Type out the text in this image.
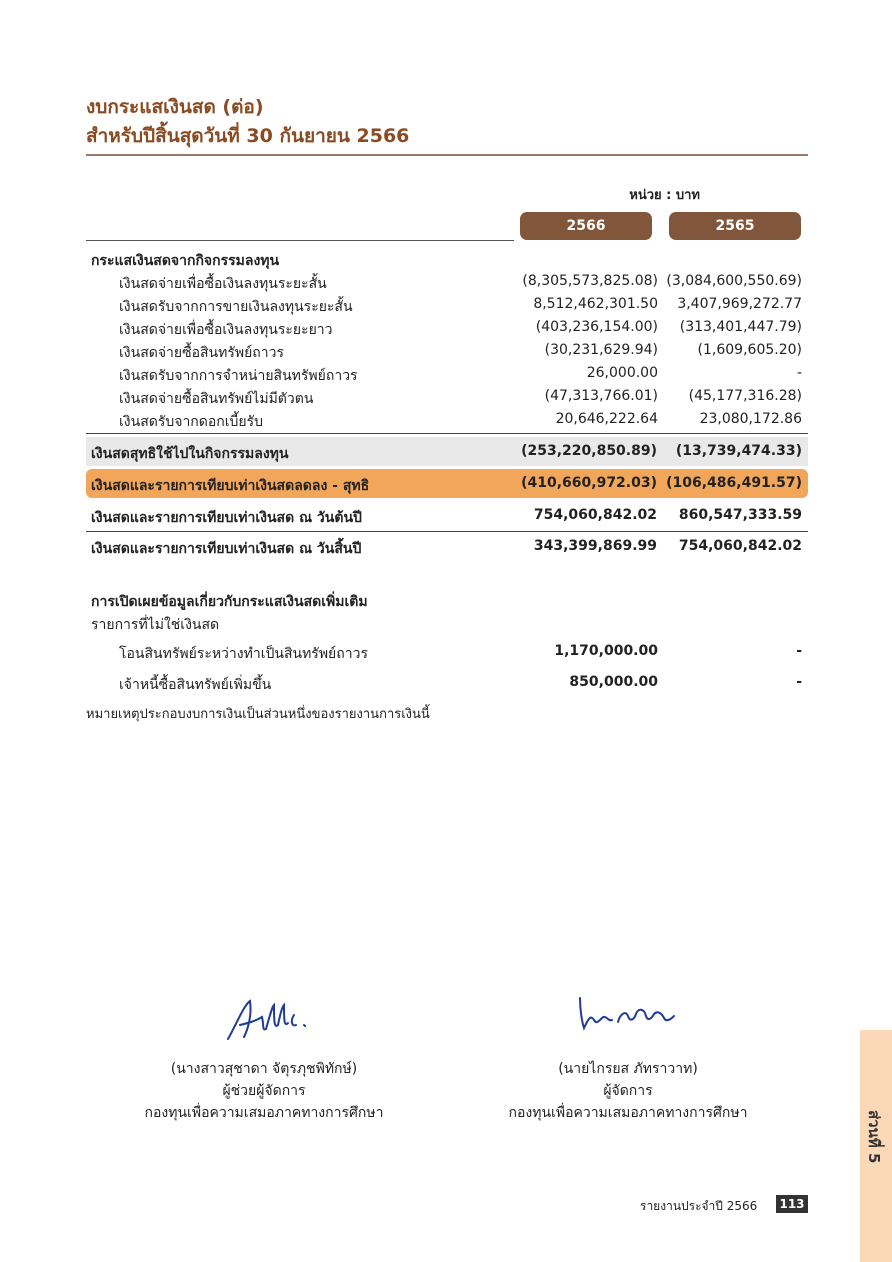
งบกระแสเงินสด (ต่อ)
สำหรับปีสิ้นสุดวันที่ 30 กันยายน 2566
หน่วย : บาท
2566	2565
กระแสเงินสดจากกิจกรรมลงทุน
เงินสดจ่ายเพื่อซื้อเงินลงทุนระยะสั้น	(8,305,573,825.08) (3,084,600,550.69)
เงินสดรับจากการขายเงินลงทุนระยะสั้น	8,512,462,301.50 3,407,969,272.77
เงินสดจ่ายเพื่อซื้อเงินลงทุนระยะยาว	(403,236,154.00) (313,401,447.79)
เงินสดจ่ายซื้อสินทรัพย์ถาวร	(30,231,629.94)	(1,609,605.20)
เงินสดรับจากการจำหน่ายสินทรัพย์ถาวร	26,000.00	-
เงินสดจ่ายซื้อสินทรัพย์ไม่มีตัวตน	(47,313,766.01) (45,177,316.28)
เงินสดรับจากดอกเบี้ยรับ	20,646,222.64	23,080,172.86
เงินสดสุทธิใช้ไปในกิจกรรมลงทุน	(253,220,850.89) (13,739,474.33)
เงินสดและรายการเทียบเท่าเงินสดลดลง - สุทธิ	(410,660,972.03) (106,486,491.57)
เงินสดและรายการเทียบเท่าเงินสด ณ วันต้นปี	754,060,842.02 860,547,333.59
เงินสดและรายการเทียบเท่าเงินสด ณ วันสิ้นปี	343,399,869.99 754,060,842.02
การเปิดเผยข้อมูลเกี่ยวกับกระแสเงินสดเพิ่มเติม
รายการที่ไม่ใช่เงินสด
โอนสินทรัพย์ระหว่างทำเป็นสินทรัพย์ถาวร	1,170,000.00	-
เจ้าหนี้ซื้อสินทรัพย์เพิ่มขึ้น	850,000.00	-
หมายเหตุประกอบงบการเงินเป็นส่วนหนึ่งของรายงานการเงินนี้
(นางสาวสุชาดา จัตุรภุชพิทักษ์)
ผู้ช่วยผู้จัดการ
กองทุนเพื่อความเสมอภาคทางการศึกษา
(นายไกรยส ภัทราวาท)
ผู้จัดการ
กองทุนเพื่อความเสมอภาคทางการศึกษา	ส่วนที่ 5
รายงานประจำปี 2566 113
